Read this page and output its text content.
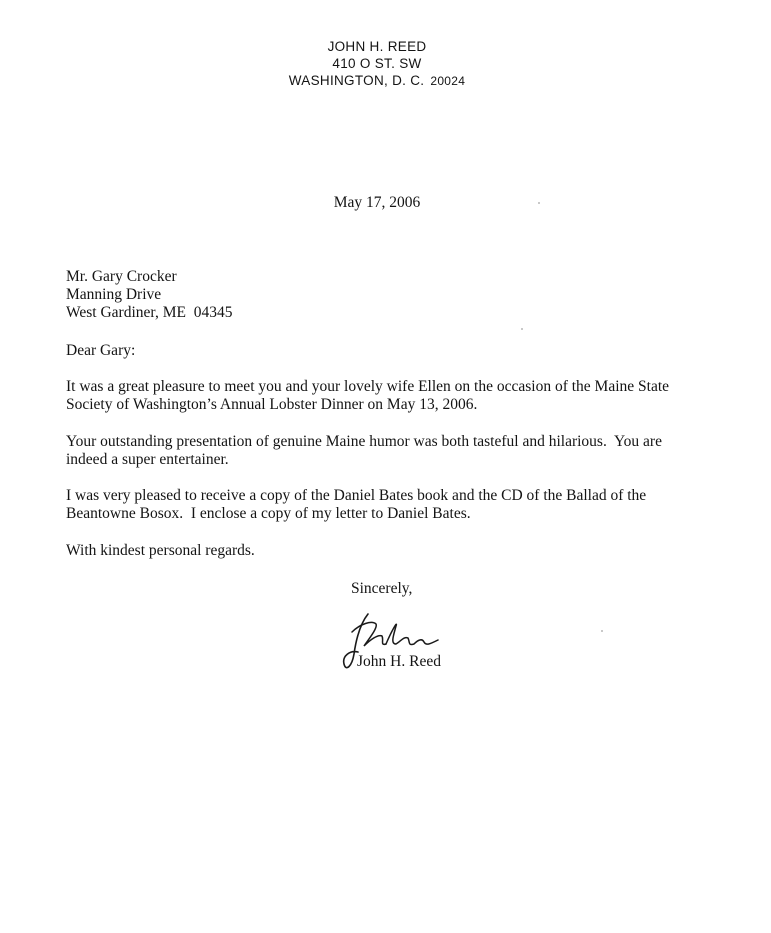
JOHN H. REED
410 O ST. SW
WASHINGTON, D. C. 20024
May 17, 2006
Mr. Gary Crocker
Manning Drive
West Gardiner, ME  04345
Dear Gary:

It was a great pleasure to meet you and your lovely wife Ellen on the occasion of the Maine State Society of Washington’s Annual Lobster Dinner on May 13, 2006.

Your outstanding presentation of genuine Maine humor was both tasteful and hilarious.  You are indeed a super entertainer.

I was very pleased to receive a copy of the Daniel Bates book and the CD of the Ballad of the Beantowne Bosox.  I enclose a copy of my letter to Daniel Bates.

With kindest personal regards.

Sincerely,
John H. Reed
